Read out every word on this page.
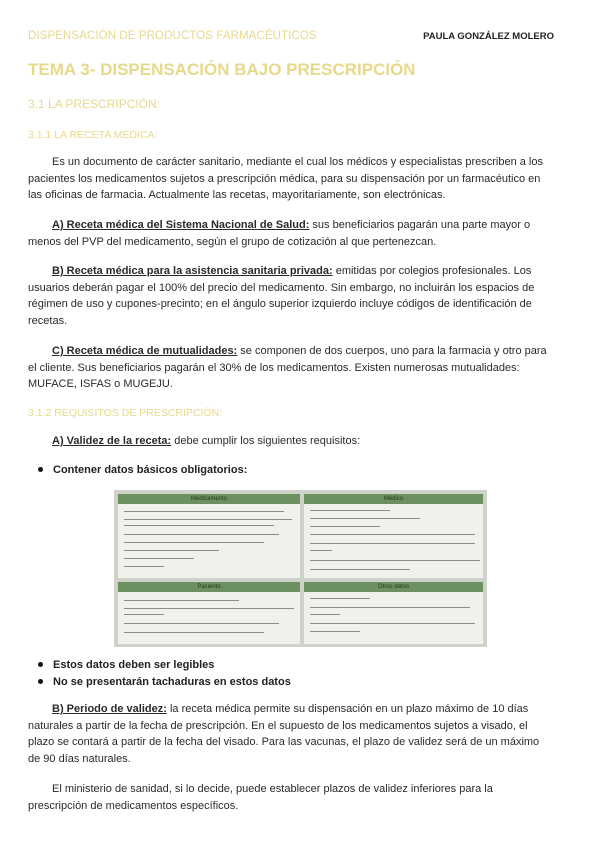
DISPENSACIÓN DE PRODUCTOS FARMACÉUTICOS	PAULA GONZÁLEZ MOLERO
TEMA 3- DISPENSACIÓN BAJO PRESCRIPCIÓN
3.1 LA PRESCRIPCIÓN:
3.1.1 LA RECETA MÉDICA:
Es un documento de carácter sanitario, mediante el cual los médicos y especialistas prescriben a los
pacientes los medicamentos sujetos a prescripción médica, para su dispensación por un farmacéutico en
las oficinas de farmacia. Actualmente las recetas, mayoritariamente, son electrónicas.
A) Receta médica del Sistema Nacional de Salud: sus beneficiarios pagarán una parte mayor o
menos del PVP del medicamento, según el grupo de cotización al que pertenezcan.
B) Receta médica para la asistencia sanitaria privada: emitidas por colegios profesionales. Los
usuarios deberán pagar el 100% del precio del medicamento. Sin embargo, no incluirán los espacios de
régimen de uso y cupones-precinto; en el ángulo superior izquierdo incluye códigos de identificación de
recetas.
C) Receta médica de mutualidades: se componen de dos cuerpos, uno para la farmacia y otro para
el cliente. Sus beneficiarios pagarán el 30% de los medicamentos. Existen numerosas mutualidades:
MUFACE, ISFAS o MUGEJU.
3.1.2 REQUISITOS DE PRESCRIPCIÓN:
A) Validez de la receta: debe cumplir los siguientes requisitos:
Contener datos básicos obligatorios:
Medicamento	Médico
Paciente	Otros datos
Estos datos deben ser legibles
No se presentarán tachaduras en estos datos
B) Periodo de validez: la receta médica permite su dispensación en un plazo máximo de 10 días
naturales a partir de la fecha de prescripción. En el supuesto de los medicamentos sujetos a visado, el
plazo se contará a partir de la fecha del visado. Para las vacunas, el plazo de validez será de un máximo
de 90 días naturales.
El ministerio de sanidad, si lo decide, puede establecer plazos de validez inferiores para la
prescripción de medicamentos específicos.
